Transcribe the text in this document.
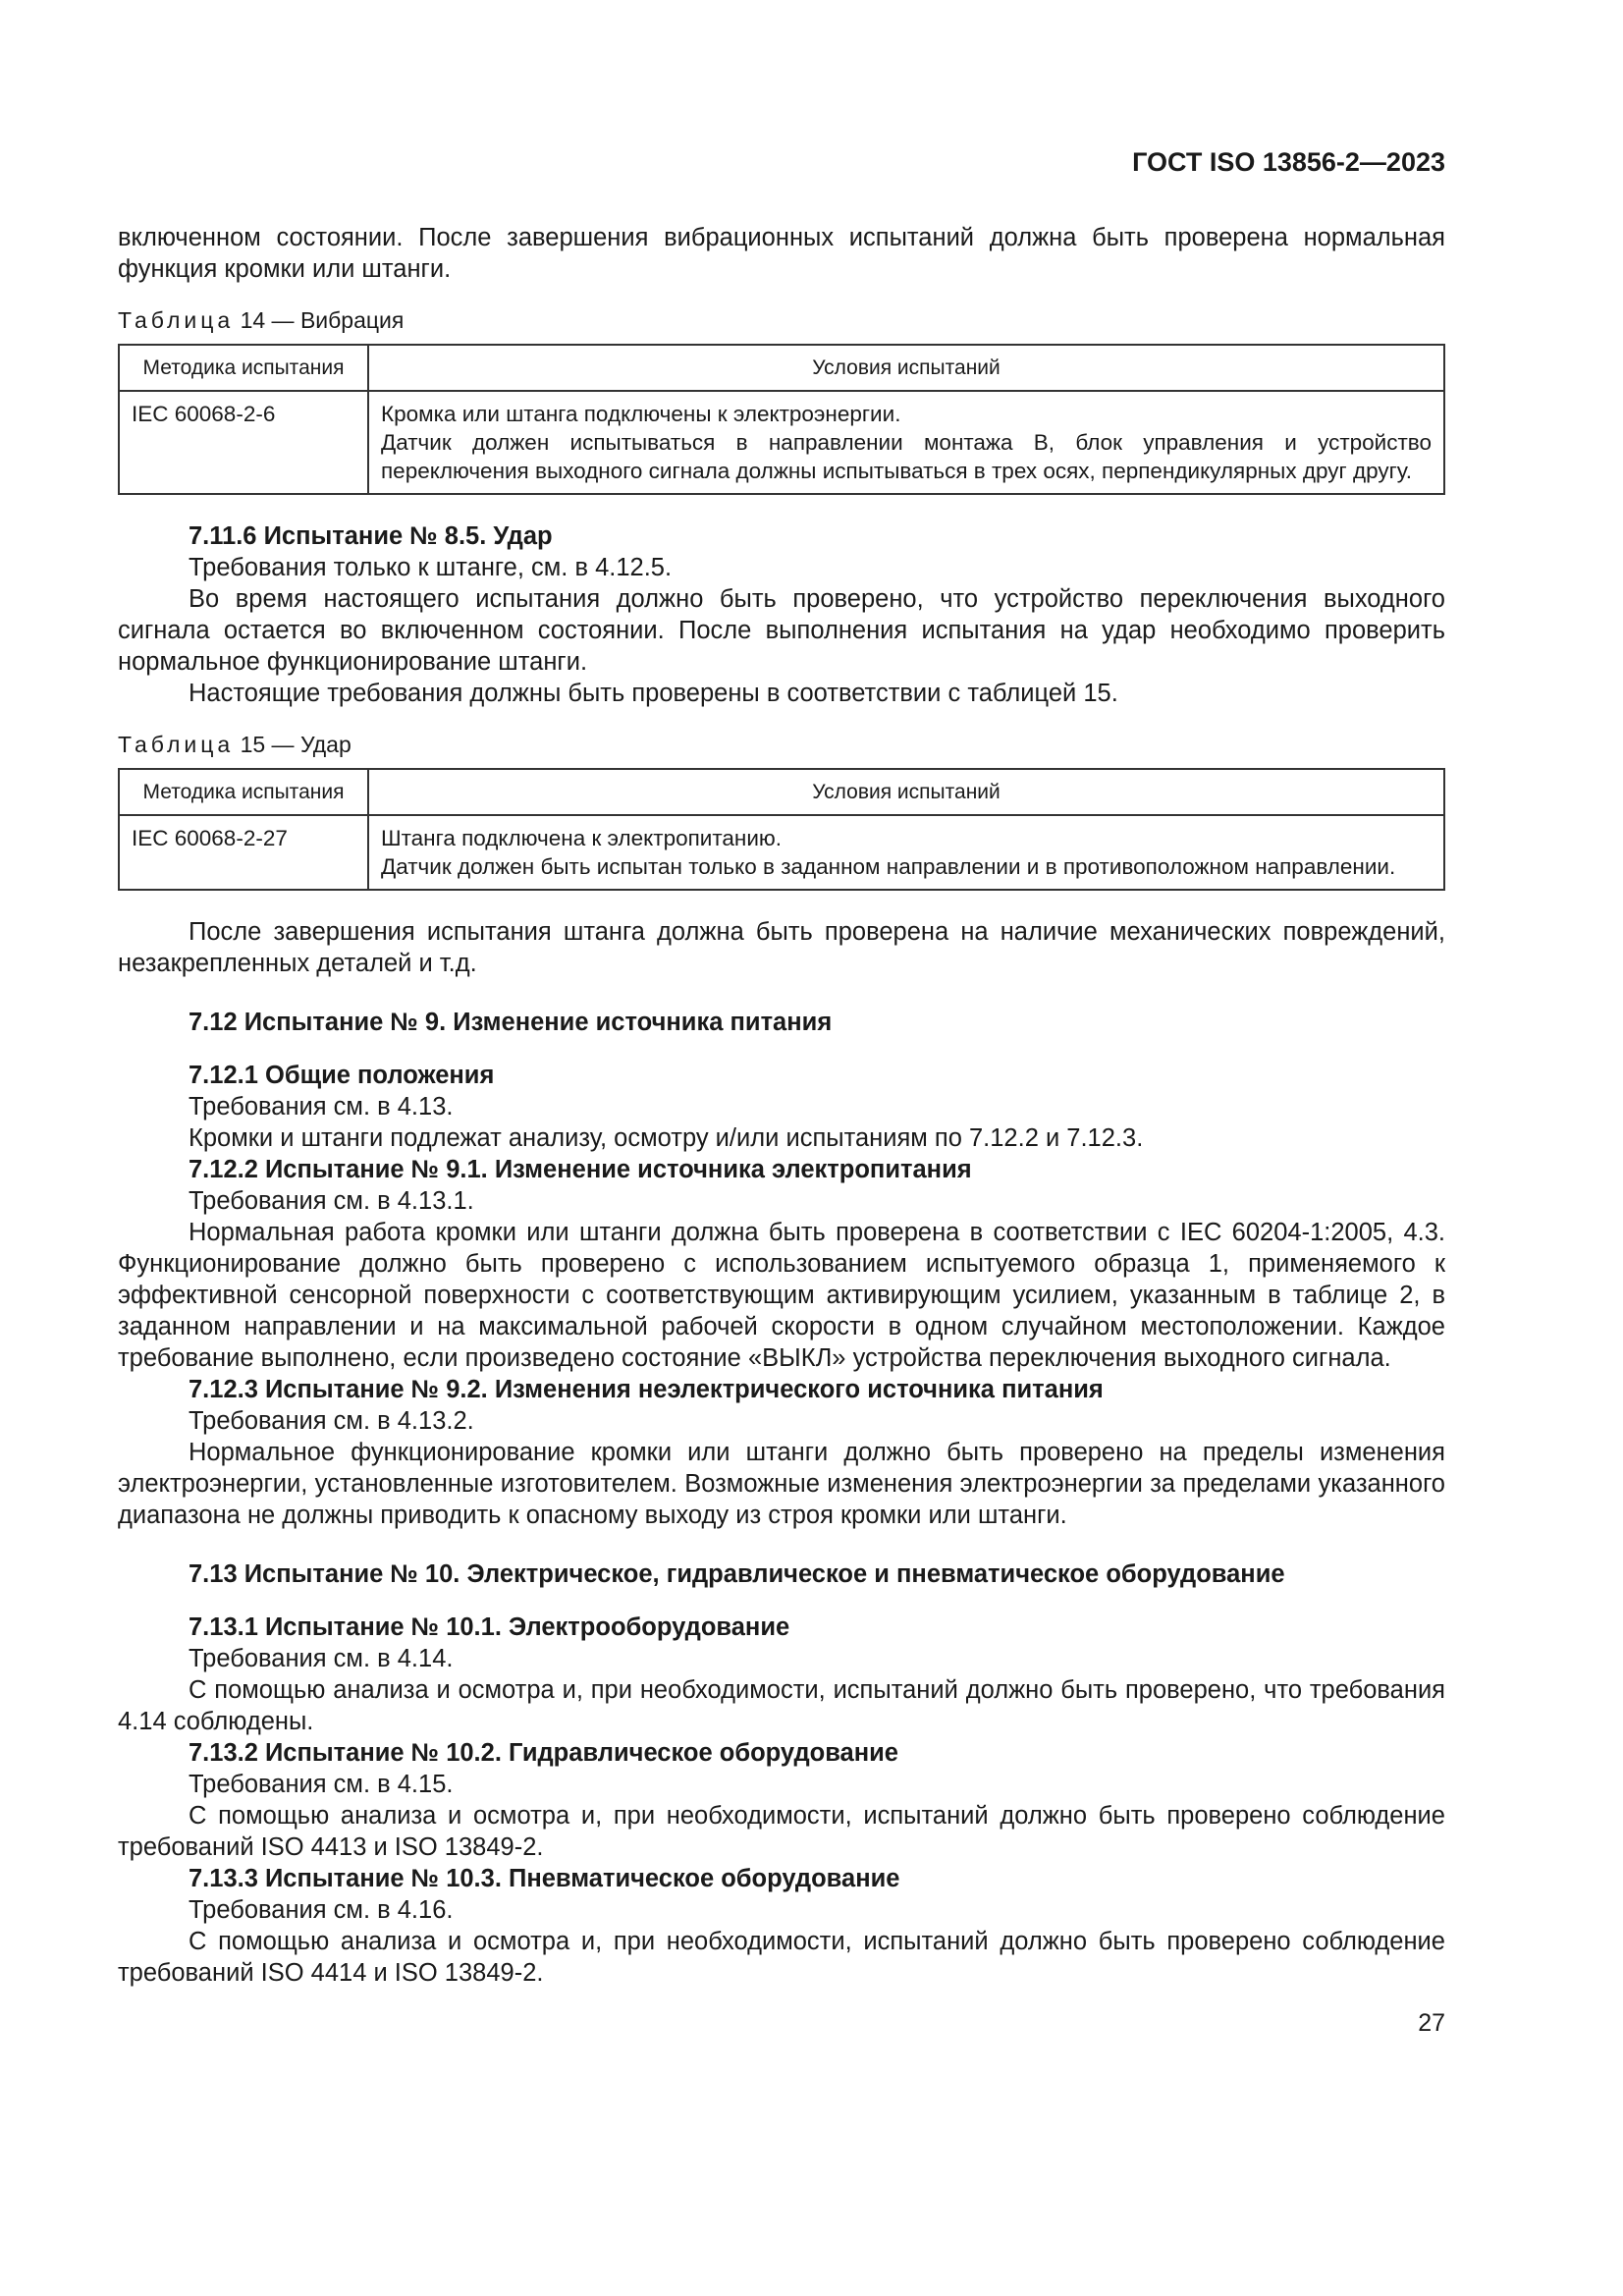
ГОСТ ISO 13856-2—2023

включенном состоянии. После завершения вибрационных испытаний должна быть проверена нормальная функция кромки или штанги.

Таблица 14 — Вибрация
Методика испытания	Условия испытаний
IEC 60068-2-6	Кромка или штанга подключены к электроэнергии.
Датчик должен испытываться в направлении монтажа B, блок управления и устройство переключения выходного сигнала должны испытываться в трех осях, перпендикулярных друг другу.

7.11.6 Испытание № 8.5. Удар

Требования только к штанге, см. в 4.12.5.

Во время настоящего испытания должно быть проверено, что устройство переключения выходного сигнала остается во включенном состоянии. После выполнения испытания на удар необходимо проверить нормальное функционирование штанги.

Настоящие требования должны быть проверены в соответствии с таблицей 15.

Таблица 15 — Удар
Методика испытания	Условия испытаний
IEC 60068-2-27	Штанга подключена к электропитанию.
Датчик должен быть испытан только в заданном направлении и в противоположном направлении.

После завершения испытания штанга должна быть проверена на наличие механических повреждений, незакрепленных деталей и т.д.

7.12 Испытание № 9. Изменение источника питания

7.12.1 Общие положения

Требования см. в 4.13.

Кромки и штанги подлежат анализу, осмотру и/или испытаниям по 7.12.2 и 7.12.3.

7.12.2 Испытание № 9.1. Изменение источника электропитания

Требования см. в 4.13.1.

Нормальная работа кромки или штанги должна быть проверена в соответствии с IEC 60204-1:2005, 4.3. Функционирование должно быть проверено с использованием испытуемого образца 1, применяемого к эффективной сенсорной поверхности с соответствующим активирующим усилием, указанным в таблице 2, в заданном направлении и на максимальной рабочей скорости в одном случайном местоположении. Каждое требование выполнено, если произведено состояние «ВЫКЛ» устройства переключения выходного сигнала.

7.12.3 Испытание № 9.2. Изменения неэлектрического источника питания

Требования см. в 4.13.2.

Нормальное функционирование кромки или штанги должно быть проверено на пределы изменения электроэнергии, установленные изготовителем. Возможные изменения электроэнергии за пределами указанного диапазона не должны приводить к опасному выходу из строя кромки или штанги.

7.13 Испытание № 10. Электрическое, гидравлическое и пневматическое оборудование

7.13.1 Испытание № 10.1. Электрооборудование

Требования см. в 4.14.

С помощью анализа и осмотра и, при необходимости, испытаний должно быть проверено, что требования 4.14 соблюдены.

7.13.2 Испытание № 10.2. Гидравлическое оборудование

Требования см. в 4.15.

С помощью анализа и осмотра и, при необходимости, испытаний должно быть проверено соблюдение требований ISO 4413 и ISO 13849-2.

7.13.3 Испытание № 10.3. Пневматическое оборудование

Требования см. в 4.16.

С помощью анализа и осмотра и, при необходимости, испытаний должно быть проверено соблюдение требований ISO 4414 и ISO 13849-2.

27
